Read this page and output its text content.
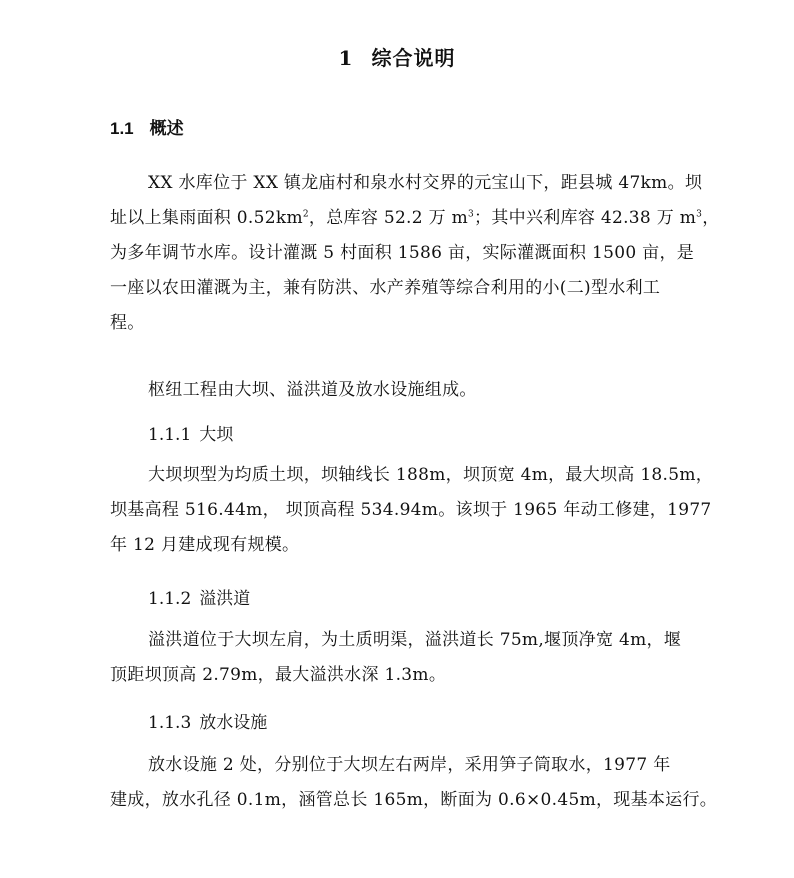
1 综合说明
1.1 概述
XX 水库位于 XX 镇龙庙村和泉水村交界的元宝山下，距县城 47km。坝
址以上集雨面积 $0.52km^2$，总库容 52.2 万 $m^3$；其中兴利库容 42.38 万 $m^3$，
为多年调节水库。设计灌溉 5 村面积 1586 亩，实际灌溉面积 1500 亩，是
一座以农田灌溉为主，兼有防洪、水产养殖等综合利用的小(二)型水利工
程。
枢纽工程由大坝、溢洪道及放水设施组成。
1.1.1 大坝
大坝坝型为均质土坝，坝轴线长 188m，坝顶宽 4m，最大坝高 18.5m，
坝基高程 516.44m， 坝顶高程 534.94m。该坝于 1965 年动工修建，1977
年 12 月建成现有规模。
1.1.2 溢洪道
溢洪道位于大坝左肩，为土质明渠，溢洪道长 75m,堰顶净宽 4m，堰
顶距坝顶高 2.79m，最大溢洪水深 1.3m。
1.1.3 放水设施
放水设施 2 处，分别位于大坝左右两岸，采用笋子筒取水，1977 年
建成，放水孔径 0.1m，涵管总长 165m，断面为 0.6×0.45m，现基本运行。
